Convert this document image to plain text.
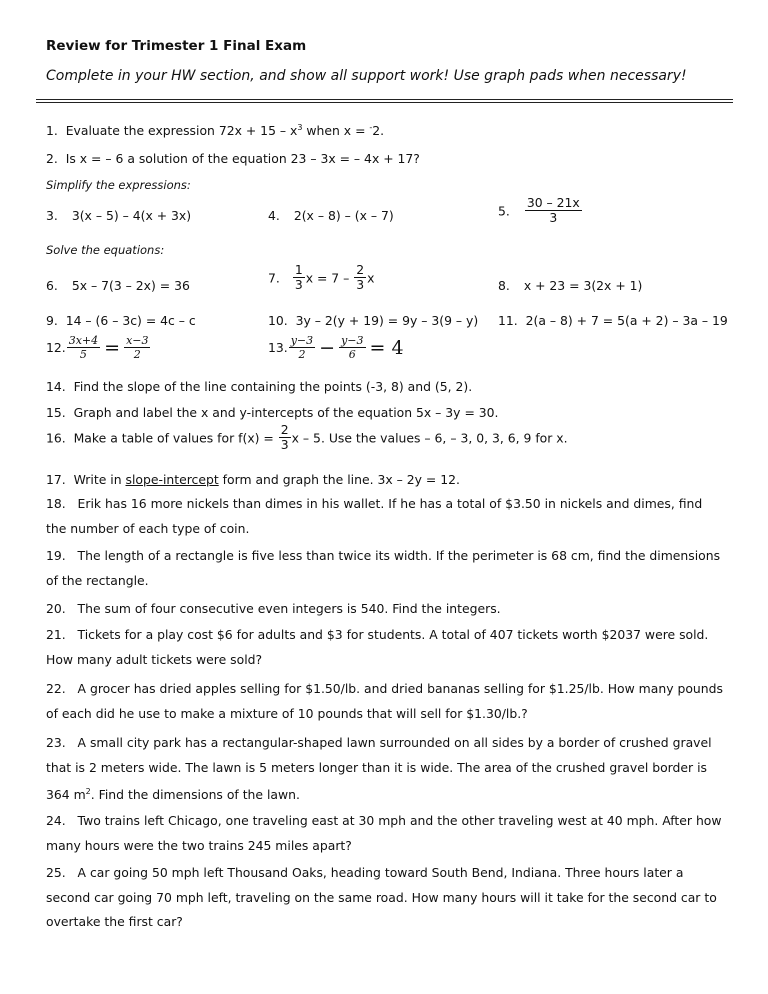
Review for Trimester 1 Final Exam
Complete in your HW section, and show all support work! Use graph pads when necessary!
1. Evaluate the expression $72x + 15 - x^3$ when x = -2.
2. Is x = – 6 a solution of the equation 23 – 3x = – 4x + 17?
Simplify the expressions:
3. 3(x – 5) – 4(x + 3x)	4. 2(x – 8) – (x – 7)	5. $\frac{30 - 21x}{3}$
Solve the equations:
6. 5x – 7(3 – 2x) = 36
7. $\frac{1}{3}$ $x = 7 - \frac{2}{3}$ x
8. x + 23 = 3(2x + 1)
9. 14 – (6 – 3c) = 4c – c	10. 3y – 2(y + 19) = 9y – 3(9 – y) 11. 2(a – 8) + 7 = 5(a + 2) – 3a – 19
12. $\frac{3x+4}{5} = \frac{x-3}{2}$	13. $\frac{y-3}{2} - \frac{y-3}{6} = 4$
14. Find the slope of the line containing the points (-3, 8) and (5, 2).
15. Graph and label the x and y-intercepts of the equation 5x – 3y = 30.
16. Make a table of values for $f(x) = \frac{2}{3}$ x – 5. Use the values – 6, – 3, 0, 3, 6, 9 for x.
17. Write in slope-intercept form and graph the line. 3x – 2y = 12.
18. Erik has 16 more nickels than dimes in his wallet. If he has a total of $3.50 in nickels and dimes, find the number of each type of coin.
19. The length of a rectangle is five less than twice its width. If the perimeter is 68 cm, find the dimensions of the rectangle.
20. The sum of four consecutive even integers is 540. Find the integers.
21. Tickets for a play cost $6 for adults and $3 for students. A total of 407 tickets worth $2037 were sold. How many adult tickets were sold?
22. A grocer has dried apples selling for $1.50/lb. and dried bananas selling for $1.25/lb. How many pounds of each did he use to make a mixture of 10 pounds that will sell for $1.30/lb.?
23. A small city park has a rectangular-shaped lawn surrounded on all sides by a border of crushed gravel that is 2 meters wide. The lawn is 5 meters longer than it is wide. The area of the crushed gravel border is 364 $m^2$. Find the dimensions of the lawn.
24. Two trains left Chicago, one traveling east at 30 mph and the other traveling west at 40 mph. After how many hours were the two trains 245 miles apart?
25. A car going 50 mph left Thousand Oaks, heading toward South Bend, Indiana. Three hours later a second car going 70 mph left, traveling on the same road. How many hours will it take for the second car to overtake the first car?
